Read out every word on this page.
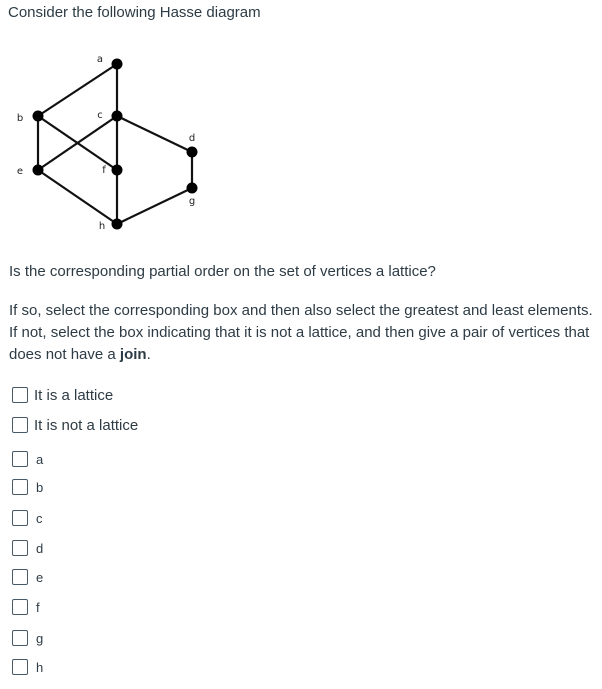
Consider the following Hasse diagram
a
b	c
d
e	f
g
h
Is the corresponding partial order on the set of vertices a lattice?
If so, select the corresponding box and then also select the greatest and least elements. If not, select the box indicating that it is not a lattice, and then give a pair of vertices that does not have a join.
It is a lattice
It is not a lattice
a
b
c
d
e
f
g
h
